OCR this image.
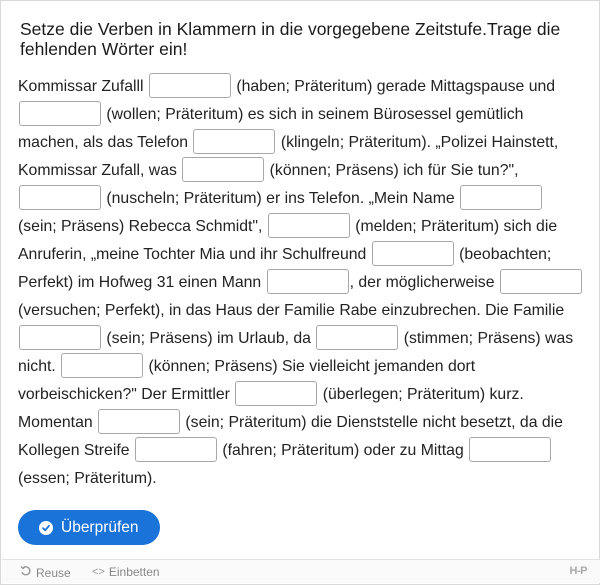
Setze die Verben in Klammern in die vorgegebene Zeitstufe.Trage die fehlenden Wörter ein!
Kommissar Zufalll	(haben; Präteritum) gerade Mittagspause und  (wollen; Präteritum) es sich in seinem Bürosessel gemütlich machen, als das Telefon	(klingeln; Präteritum). „Polizei Hainstett, Kommissar Zufall, was	(können; Präsens) ich für Sie tun?",  (nuscheln; Präteritum) er ins Telefon. „Mein Name  (sein; Präsens) Rebecca Schmidt",	(melden; Präteritum) sich die Anruferin, „meine Tochter Mia und ihr Schulfreund	(beobachten; Perfekt) im Hofweg 31 einen Mann	, der möglicherweise  (versuchen; Perfekt), in das Haus der Familie Rabe einzubrechen. Die Familie  (sein; Präsens) im Urlaub, da	(stimmen; Präsens) was nicht.	(können; Präsens) Sie vielleicht jemanden dort vorbeischicken?" Der Ermittler	(überlegen; Präteritum) kurz. Momentan	(sein; Präteritum) die Dienststelle nicht besetzt, da die Kollegen Streife	(fahren; Präteritum) oder zu Mittag  (essen; Präteritum).
Überprüfen
Reuse <> Einbetten	H-P
